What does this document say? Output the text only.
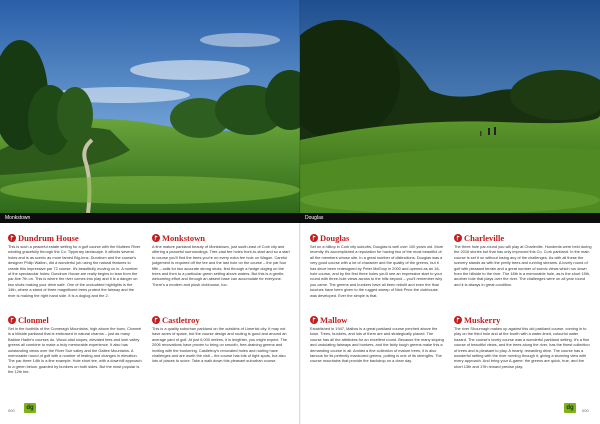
Monkstown
Dundrum House
This is such a peaceful estate setting for a golf course with the Multeen River winding gracefully through the Co. Tipperary landscape. It affords several holes and is as scenic as more famed Big-Inns. Dundrum and the course's designer Philip Walton, did a wonderful job using the natural features to create this impressive par 72 course. It's beautifully moving on in. A number of the spectacular holes: Dundrum House are really begins to lean from the par-five 7th on. This is where the river comes into play and it is a danger on two shots making your drive safe. One of the undoubted highlights is the 14th, where a stand of three magnificent trees protect the fairway and the river is making the right hand side. It is a doglog and the 2.
Monkstown
A fine mature parkland beauty of Monkstown, just south-east of Cork city and offering a peaceful surroundings. Tree-clad fee holes front-to-start and so a start to course you'll find the trees you're on every extra fee hole on Wagon. Careful judgement is required off the tee and the last hole on the course – the par four fifth – calls for two accurate strong shots, first through a hedge dogleg on the trees and then to a particular green setting above waters. But this is a gentle, welcoming effort and through an absent base can accumulate for everyone. There's a modern and plush clubhouse, too.
Clonmel
Set in the foothills of the Comeragh Mountains, high above the town, Clonmel is a hillside parkland that is embraced in natural charms – just as many Baldoe Hadle's courses do. Wood-clad slopes, elevated tees and lush valley greens all combine to make a truly memorable experience. It also has outstanding views over the River Suir valley and the Galtee Mountains. A memorable round of golf with a number of testing and changes in elevation. The par-three 14th is a fine example. Hole short tee, with a downhill approach to a green below, guarded by bunkers on both sides. But the most popular is the 12th tee.
Castletroy
This is a quality suburban parkland on the outskirts of Limerick city. It may not have acres of space, but the course design and routing is good and around an average yard of golf. At just 6,000 metres, it is lengthier, you might expect. The 2006 renovations have proven to bring on smooth, free-draining greens and inviting with the bunkering. Castletroy's renovated holes and routing have challenges and are worth the visit – the course has lots of tight spots, but also lots of places to score. Take a walk down this pleasant suburban course.
000	dg
Douglas
Douglas
Set on a hilltop in Cork city suburbs, Douglas is well over 100 years old. More recently it's accomplished a reputation for having two of the most beautiful of all the members whose site. In a great number of distinctions. Douglas was a very good course with a lot of character and the quality of the greens, but it has since been redesigned by Peter McEvoy in 2000 and opened as an 18-hole course, and by the first three holes you'll see an impressive start to your round with three-hole views across to the hills beyond – you'll remember why you came. The greens and bunkers have all been rebuilt and even the final touches have been given to the rugged sweep of Nick Price the clubhouse was developed. Ever the simple is that.
Charleville
The three hole par-round you will play at Charleville. Hundreds were held during the 2016 stories but that has only improved this Co. Cork parkland. In the main course is set it on without losing any of the challenges. As with all these the scenery stands as with the pretty trees and running streams. A lovely round of golf with pleasant terrain and a great number of scenic views which run down from the hillside to the river. The 18th is a memorable hole, as is the short 15th, another hole that plays over the river. The challenges were on all year round and it is always in great condition.
Mallow
Established in 1947, Mallow is a great parkland course perched above the town. Trees, bunkers, and lots of them are and strategically placed. The course has all the attributes for an excellent round. Because the many sloping and undulating fairways and bunkers, and the fairly tough greens make this a demanding course in all. Amidst a fine collection of mature trees, it is also famous for its perfectly manicured greens, putting is one of its strengths. The course mountains that provide the backdrop on a clear day.
Muskerry
The river Shournagh makes up against this old parkland course, coming in to play on the third hole and at the fourth with a water-lined, colourful water hazard. The course's lovely course was a wonderful parkland setting. It's a fine course of beautiful views, and the trees along the river, has the finest collection of trees and is pleasant to play. A hearty, rewarding drive. The course has a wonderful setting with the river running through it, giving a stunning view with every approach. And bring your A-game: the greens are quick, true, and the short 13th and 17th reward precise play.
dg	000
